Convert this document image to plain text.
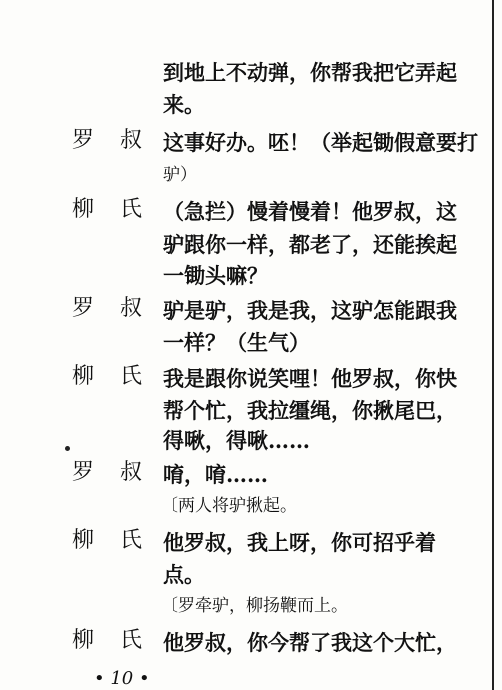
到地上不动弹，你帮我把它弄起
来。
罗 叔 这事好办。呸！（举起锄假意要打
驴）
柳 氏 （急拦）慢着慢着！他罗叔，这
驴跟你一样，都老了，还能挨起
一锄头嘛？
罗 叔 驴是驴，我是我，这驴怎能跟我
一样？（生气）
柳 氏 我是跟你说笑哩！他罗叔，你快
帮个忙，我拉缰绳，你揪尾巴，
得啾，得啾……
罗 叔 唷，唷……
〔两人将驴揪起。
柳 氏 他罗叔，我上呀，你可招乎着
点。
〔罗牵驴，柳扬鞭而上。
柳 氏 他罗叔，你今帮了我这个大忙，
• 10 •
